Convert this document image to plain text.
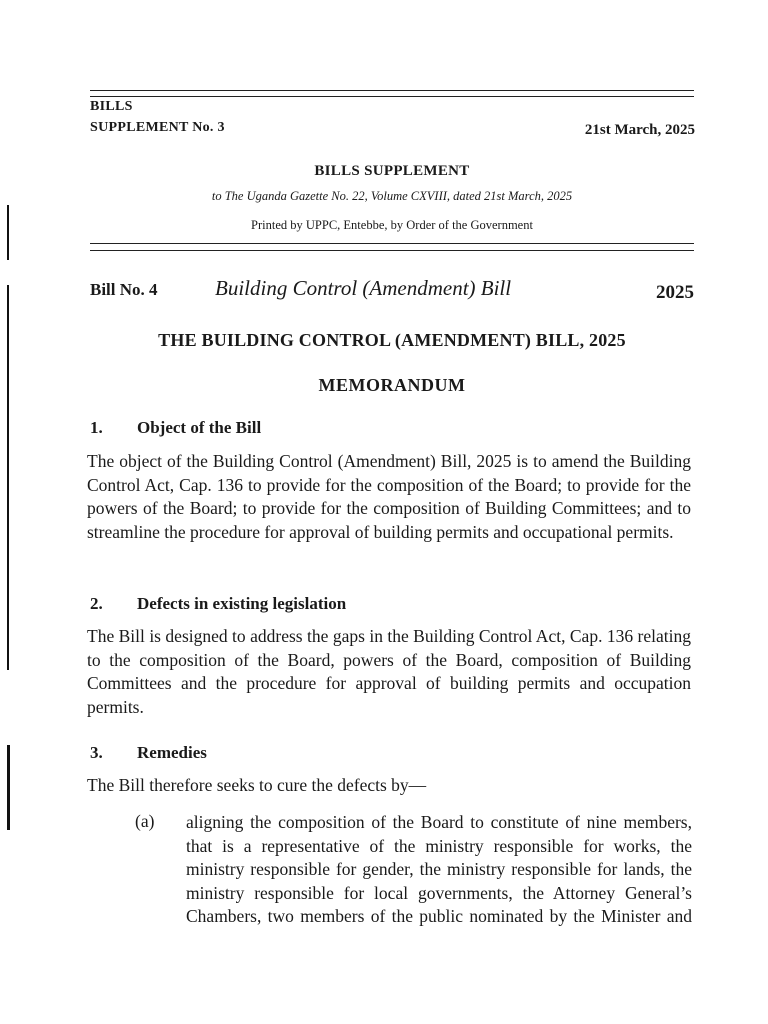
BILLS
SUPPLEMENT No. 3	21st March, 2025
BILLS SUPPLEMENT
to The Uganda Gazette No. 22, Volume CXVIII, dated 21st March, 2025
Printed by UPPC, Entebbe, by Order of the Government
Bill No. 4	Building Control (Amendment) Bill	2025
THE BUILDING CONTROL (AMENDMENT) BILL, 2025
MEMORANDUM
1. Object of the Bill
The object of the Building Control (Amendment) Bill, 2025 is to amend the Building Control Act, Cap. 136 to provide for the composition of the Board; to provide for the powers of the Board; to provide for the composition of Building Committees; and to streamline the procedure for approval of building permits and occupational permits.
2. Defects in existing legislation
The Bill is designed to address the gaps in the Building Control Act, Cap. 136 relating to the composition of the Board, powers of the Board, composition of Building Committees and the procedure for approval of building permits and occupation permits.
3. Remedies
The Bill therefore seeks to cure the defects by—
(a) aligning the composition of the Board to constitute of nine members, that is a representative of the ministry responsible for works, the ministry responsible for gender, the ministry responsible for lands, the ministry responsible for local governments, the Attorney General’s Chambers, two members of the public nominated by the Minister and
